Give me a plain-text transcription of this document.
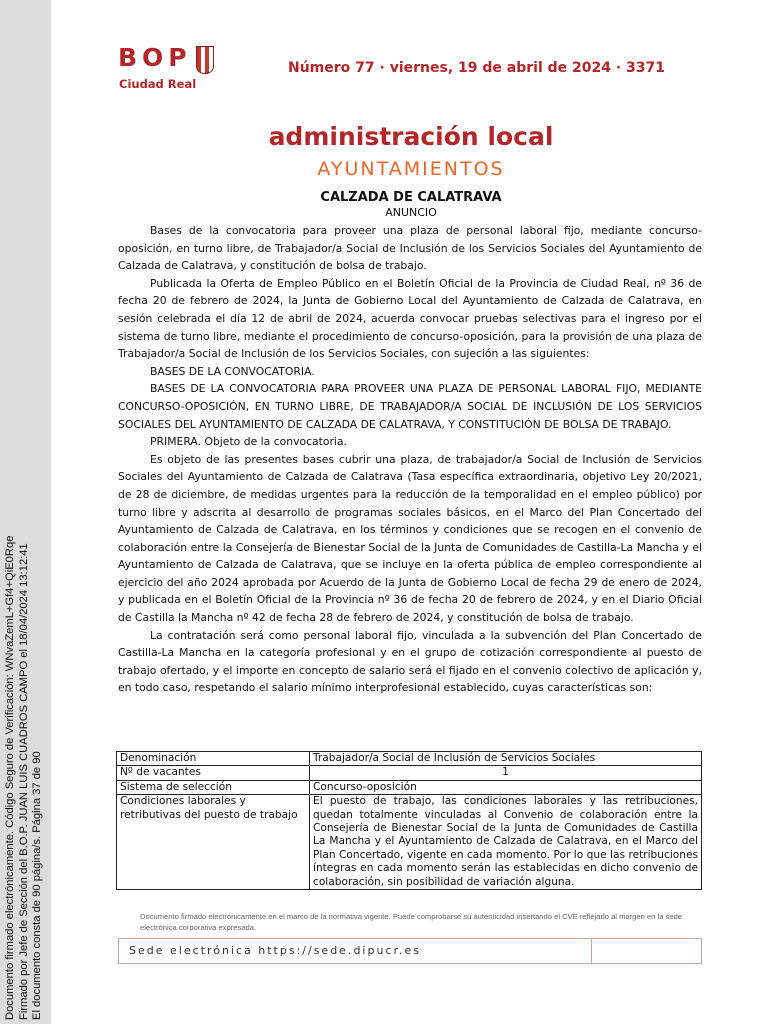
Documento firmado electrónicamente. Código Seguro de Verificación: WNvaZemL+Gf4+QiE0Rqe Firmado por Jefe de Sección del B.O.P. JUAN LUIS CUADROS CAMPO el 18/04/2024 13:12:41 El documento consta de 90 página/s. Página 37 de 90
BOP
Ciudad Real
Número 77 · viernes, 19 de abril de 2024 · 3371
administración local
AYUNTAMIENTOS
CALZADA DE CALATRAVA
ANUNCIO

Bases de la convocatoria para proveer una plaza de personal laboral fijo, mediante concurso-oposición, en turno libre, de Trabajador/a Social de Inclusión de los Servicios Sociales del Ayuntamiento de Calzada de Calatrava, y constitución de bolsa de trabajo.

Publicada la Oferta de Empleo Público en el Boletín Oficial de la Provincia de Ciudad Real, nº 36 de fecha 20 de febrero de 2024, la Junta de Gobierno Local del Ayuntamiento de Calzada de Calatrava, en sesión celebrada el día 12 de abril de 2024, acuerda convocar pruebas selectivas para el ingreso por el sistema de turno libre, mediante el procedimiento de concurso-oposición, para la provisión de una plaza de Trabajador/a Social de Inclusión de los Servicios Sociales, con sujeción a las siguientes:

BASES DE LA CONVOCATORIA.

BASES DE LA CONVOCATORIA PARA PROVEER UNA PLAZA DE PERSONAL LABORAL FIJO, MEDIANTE CONCURSO-OPOSICIÓN, EN TURNO LIBRE, DE TRABAJADOR/A SOCIAL DE INCLUSIÓN DE LOS SERVICIOS SOCIALES DEL AYUNTAMIENTO DE CALZADA DE CALATRAVA, Y CONSTITUCIÓN DE BOLSA DE TRABAJO.

PRIMERA. Objeto de la convocatoria.

Es objeto de las presentes bases cubrir una plaza, de trabajador/a Social de Inclusión de Servicios Sociales del Ayuntamiento de Calzada de Calatrava (Tasa específica extraordinaria, objetivo Ley 20/2021, de 28 de diciembre, de medidas urgentes para la reducción de la temporalidad en el empleo público) por turno libre y adscrita al desarrollo de programas sociales básicos, en el Marco del Plan Concertado del Ayuntamiento de Calzada de Calatrava, en los términos y condiciones que se recogen en el convenio de colaboración entre la Consejería de Bienestar Social de la Junta de Comunidades de Castilla-La Mancha y el Ayuntamiento de Calzada de Calatrava, que se incluye en la oferta pública de empleo correspondiente al ejercicio del año 2024 aprobada por Acuerdo de la Junta de Gobierno Local de fecha 29 de enero de 2024, y publicada en el Boletín Oficial de la Provincia nº 36 de fecha 20 de febrero de 2024, y en el Diario Oficial de Castilla la Mancha nº 42 de fecha 28 de febrero de 2024, y constitución de bolsa de trabajo.

La contratación será como personal laboral fijo, vinculada a la subvención del Plan Concertado de Castilla-La Mancha en la categoría profesional y en el grupo de cotización correspondiente al puesto de trabajo ofertado, y el importe en concepto de salario será el fijado en el convenio colectivo de aplicación y, en todo caso, respetando el salario mínimo interprofesional establecido, cuyas características son:

Denominación	Trabajador/a Social de Inclusión de Servicios Sociales
Nº de vacantes	1
Sistema de selección	Concurso-oposición
Condiciones laborales y retributivas del puesto de trabajo	El puesto de trabajo, las condiciones laborales y las retribuciones, quedan totalmente vinculadas al Convenio de colaboración entre la Consejería de Bienestar Social de la Junta de Comunidades de Castilla La Mancha y el Ayuntamiento de Calzada de Calatrava, en el Marco del Plan Concertado, vigente en cada momento. Por lo que las retribuciones íntegras en cada momento serán las establecidas en dicho convenio de colaboración, sin posibilidad de variación alguna.
Documento firmado electrónicamente en el marco de la normativa vigente. Puede comprobarse su autenticidad insertando el CVE reflejado al margen en la sede electrónica corporativa expresada.
Sede electrónica https://sede.dipucr.es
